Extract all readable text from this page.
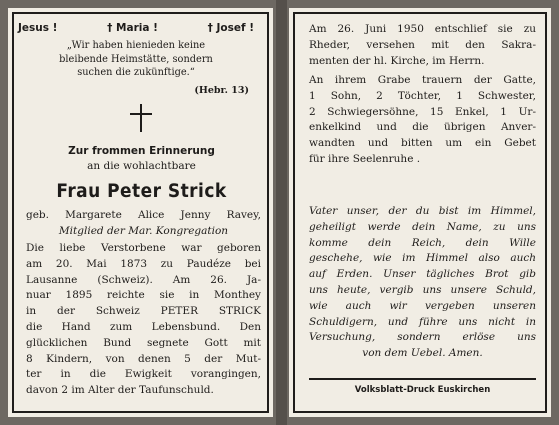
Jesus !	† Maria !	† Josef !
„Wir haben hienieden keine
bleibende Heimstätte, sondern
suchen die zukünftige.“
(Hebr. 13)
Zur frommen Erinnerung
an die wohlachtbare
Frau Peter Strick
geb. Margarete Alice Jenny Ravey,
Mitglied der Mar. Kongregation
Die liebe Verstorbene war geboren
am 20. Mai 1873 zu Paudéze bei
Lausanne (Schweiz). Am 26. Ja-
nuar 1895 reichte sie in Monthey
in der Schweiz PETER STRICK
die Hand zum Lebensbund. Den
glücklichen Bund segnete Gott mit
8 Kindern, von denen 5 der Mut-
ter in die Ewigkeit vorangingen,
davon 2 im Alter der Taufunschuld.
Am 26. Juni 1950 entschlief sie zu
Rheder, versehen mit den Sakra-
menten der hl. Kirche, im Herrn.
An ihrem Grabe trauern der Gatte,
1 Sohn, 2 Töchter, 1 Schwester,
2 Schwiegersöhne, 15 Enkel, 1 Ur-
enkelkind und die übrigen Anver-
wandten und bitten um ein Gebet
für ihre Seelenruhe .
Vater unser, der du bist im Himmel,
geheiligt werde dein Name, zu uns
komme dein Reich, dein Wille
geschehe, wie im Himmel also auch
auf Erden. Unser tägliches Brot gib
uns heute, vergib uns unsere Schuld,
wie auch wir vergeben unseren
Schuldigern, und führe uns nicht in
Versuchung, sondern erlöse uns
von dem Uebel. Amen.
Volksblatt-Druck Euskirchen
